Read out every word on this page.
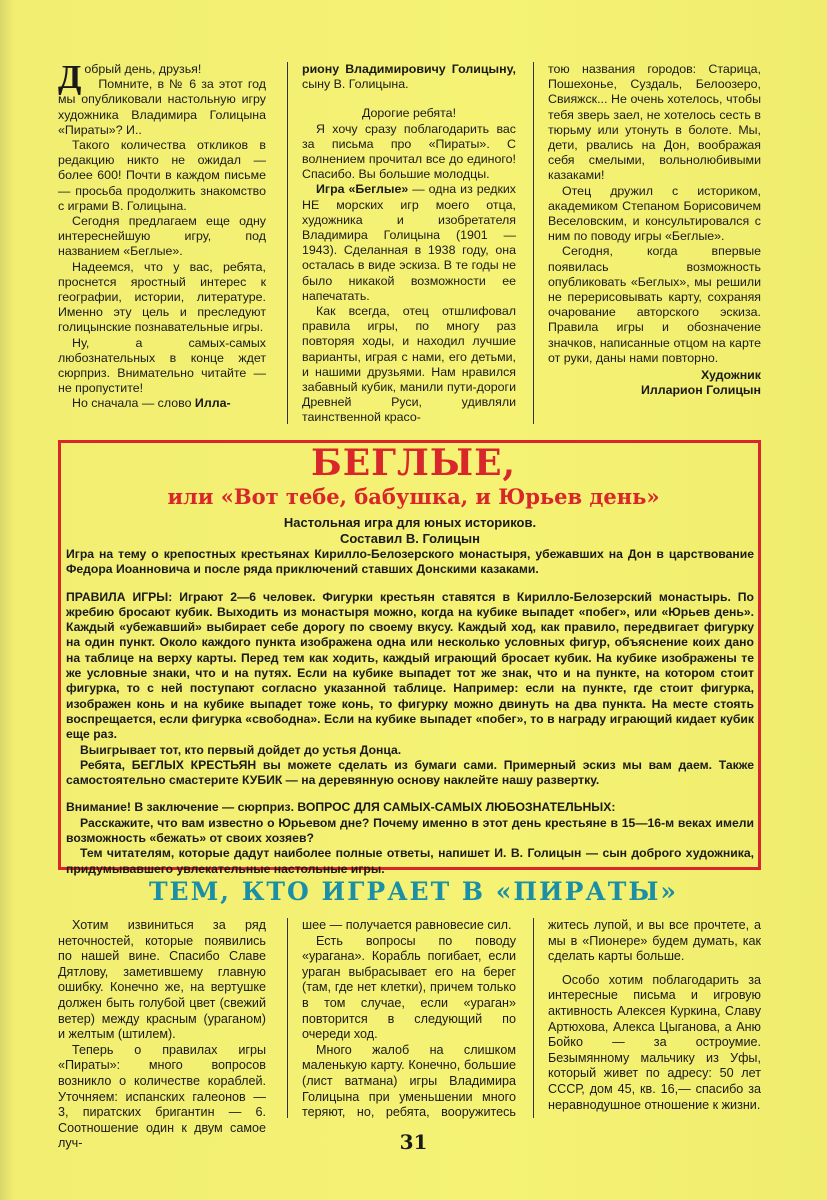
Добрый день, друзья!

Помните, в № 6 за этот год мы опубликовали настольную игру художника Владимира Голицына «Пираты»? И..

Такого количества откликов в редакцию никто не ожидал — более 600! Почти в каждом письме — просьба продолжить знакомство с играми В. Голицына.

Сегодня предлагаем еще одну интереснейшую игру, под названием «Беглые».

Надеемся, что у вас, ребята, проснется яростный интерес к географии, истории, литературе. Именно эту цель и преследуют голицынские познавательные игры.

Ну, а самых-самых любознательных в конце ждет сюрприз. Внимательно читайте — не пропустите!

Но сначала — слово Илла-

риону Владимировичу Голицыну, сыну В. Голицына.

Дорогие ребята!

Я хочу сразу поблагодарить вас за письма про «Пираты». С волнением прочитал все до единого! Спасибо. Вы большие молодцы.

Игра «Беглые» — одна из редких НЕ морских игр моего отца, художника и изобретателя Владимира Голицына (1901 — 1943). Сделанная в 1938 году, она осталась в виде эскиза. В те годы не было никакой возможности ее напечатать.

Как всегда, отец отшлифовал правила игры, по многу раз повторяя ходы, и находил лучшие варианты, играя с нами, его детьми, и нашими друзьями. Нам нравился забавный кубик, манили пути-дороги Древней Руси, удивляли таинственной красо-

тою названия городов: Старица, Пошехонье, Суздаль, Белоозеро, Свияжск... Не очень хотелось, чтобы тебя зверь заел, не хотелось сесть в тюрьму или утонуть в болоте. Мы, дети, рвались на Дон, воображая себя смелыми, вольнолюбивыми казаками!

Отец дружил с историком, академиком Степаном Борисовичем Веселовским, и консультировался с ним по поводу игры «Беглые».

Сегодня, когда впервые появилась возможность опубликовать «Беглых», мы решили не перерисовывать карту, сохраняя очарование авторского эскиза. Правила игры и обозначение значков, написанные отцом на карте от руки, даны нами повторно.

Художник

Илларион Голицын

БЕГЛЫЕ,
или «Вот тебе, бабушка, и Юрьев день»

Настольная игра для юных историков.

Составил В. Голицын

Игра на тему о крепостных крестьянах Кирилло-Белозерского монастыря, убежавших на Дон в царствование Федора Иоанновича и после ряда приключений ставших Донскими казаками.

ПРАВИЛА ИГРЫ: Играют 2—6 человек. Фигурки крестьян ставятся в Кирилло-Белозерский монастырь. По жребию бросают кубик. Выходить из монастыря можно, когда на кубике выпадет «побег», или «Юрьев день». Каждый «убежавший» выбирает себе дорогу по своему вкусу. Каждый ход, как правило, передвигает фигурку на один пункт. Около каждого пункта изображена одна или несколько условных фигур, объяснение коих дано на таблице на верху карты. Перед тем как ходить, каждый играющий бросает кубик. На кубике изображены те же условные знаки, что и на путях. Если на кубике выпадет тот же знак, что и на пункте, на котором стоит фигурка, то с ней поступают согласно указанной таблице. Например: если на пункте, где стоит фигурка, изображен конь и на кубике выпадет тоже конь, то фигурку можно двинуть на два пункта. На месте стоять воспрещается, если фигурка «свободна». Если на кубике выпадет «побег», то в награду играющий кидает кубик еще раз.

Выигрывает тот, кто первый дойдет до устья Донца.

Ребята, БЕГЛЫХ КРЕСТЬЯН вы можете сделать из бумаги сами. Примерный эскиз мы вам даем. Также самостоятельно смастерите КУБИК — на деревянную основу наклейте нашу развертку.

Внимание! В заключение — сюрприз. ВОПРОС ДЛЯ САМЫХ-САМЫХ ЛЮБОЗНАТЕЛЬНЫХ:

Расскажите, что вам известно о Юрьевом дне? Почему именно в этот день крестьяне в 15—16-м веках имели возможность «бежать» от своих хозяев?

Тем читателям, которые дадут наиболее полные ответы, напишет И. В. Голицын — сын доброго художника, придумывавшего увлекательные настольные игры.

ТЕМ, КТО ИГРАЕТ В «ПИРАТЫ»

Хотим извиниться за ряд неточностей, которые появились по нашей вине. Спасибо Славе Дятлову, заметившему главную ошибку. Конечно же, на вертушке должен быть голубой цвет (свежий ветер) между красным (ураганом) и желтым (штилем).

Теперь о правилах игры «Пираты»: много вопросов возникло о количестве кораблей. Уточняем: испанских галеонов — 3, пиратских бригантин — 6. Соотношение один к двум самое луч-

шее — получается равновесие сил.

Есть вопросы по поводу «урагана». Корабль погибает, если ураган выбрасывает его на берег (там, где нет клетки), причем только в том случае, если «ураган» повторится в следующий по очереди ход.

Много жалоб на слишком маленькую карту. Конечно, большие (лист ватмана) игры Владимира Голицына при уменьшении много теряют, но, ребята, вооружитесь

житесь лупой, и вы все прочтете, а мы в «Пионере» будем думать, как сделать карты больше.

Особо хотим поблагодарить за интересные письма и игровую активность Алексея Куркина, Славу Артюхова, Алекса Цыганова, а Аню Бойко — за остроумие. Безымянному мальчику из Уфы, который живет по адресу: 50 лет СССР, дом 45, кв. 16,— спасибо за неравнодушное отношение к жизни.

31
